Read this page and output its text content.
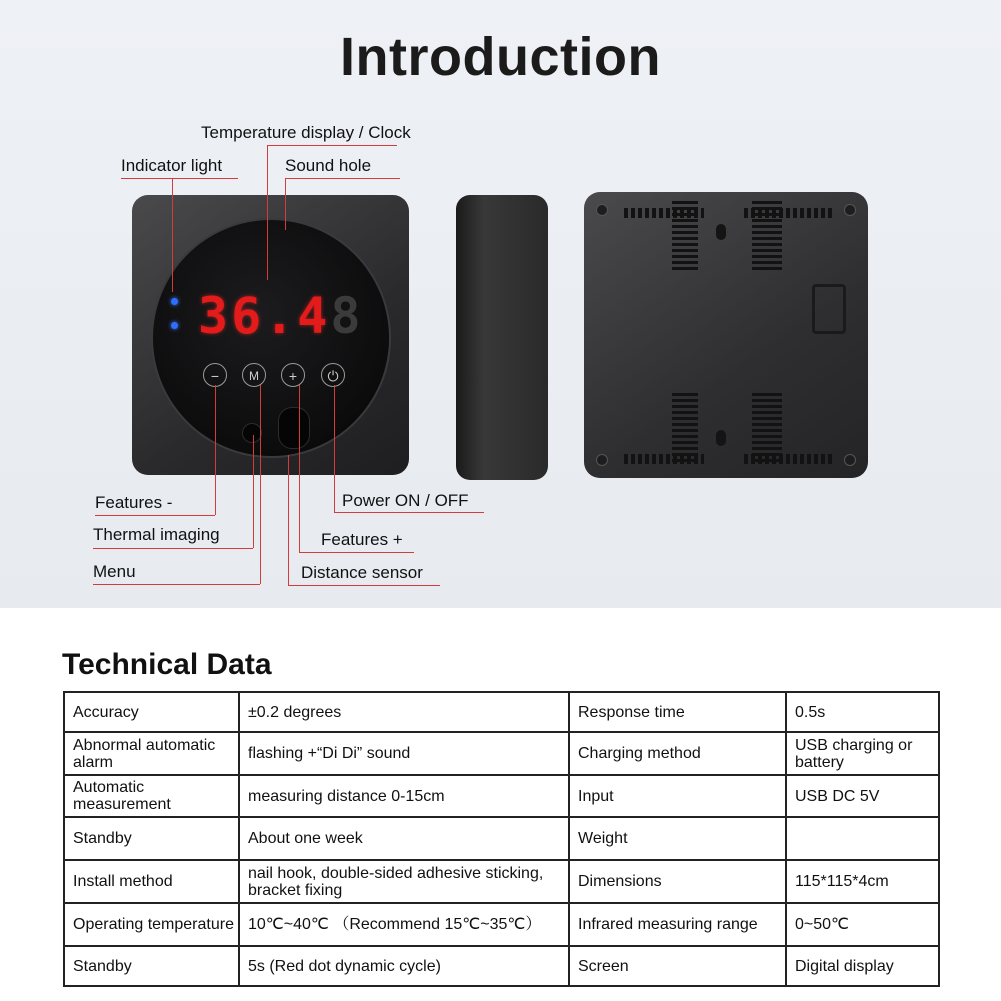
Introduction
36.48
−	M	+	⏻
Temperature display / Clock
Indicator light	Sound hole
Features -
Thermal imaging
Menu
Power ON / OFF
Features +
Distance sensor
Technical Data
Accuracy	±0.2 degrees	Response time	0.5s
Abnormal automatic alarm	flashing +“Di Di” sound	Charging method	USB charging or battery
Automatic measurement	measuring distance 0-15cm	Input	USB DC 5V
Standby	About one week	Weight	
Install method	nail hook, double-sided adhesive sticking, bracket fixing	Dimensions	115*115*4cm
Operating temperature	10℃~40℃ （Recommend 15℃~35℃）	Infrared measuring range	0~50℃
Standby	5s (Red dot dynamic cycle)	Screen	Digital display
